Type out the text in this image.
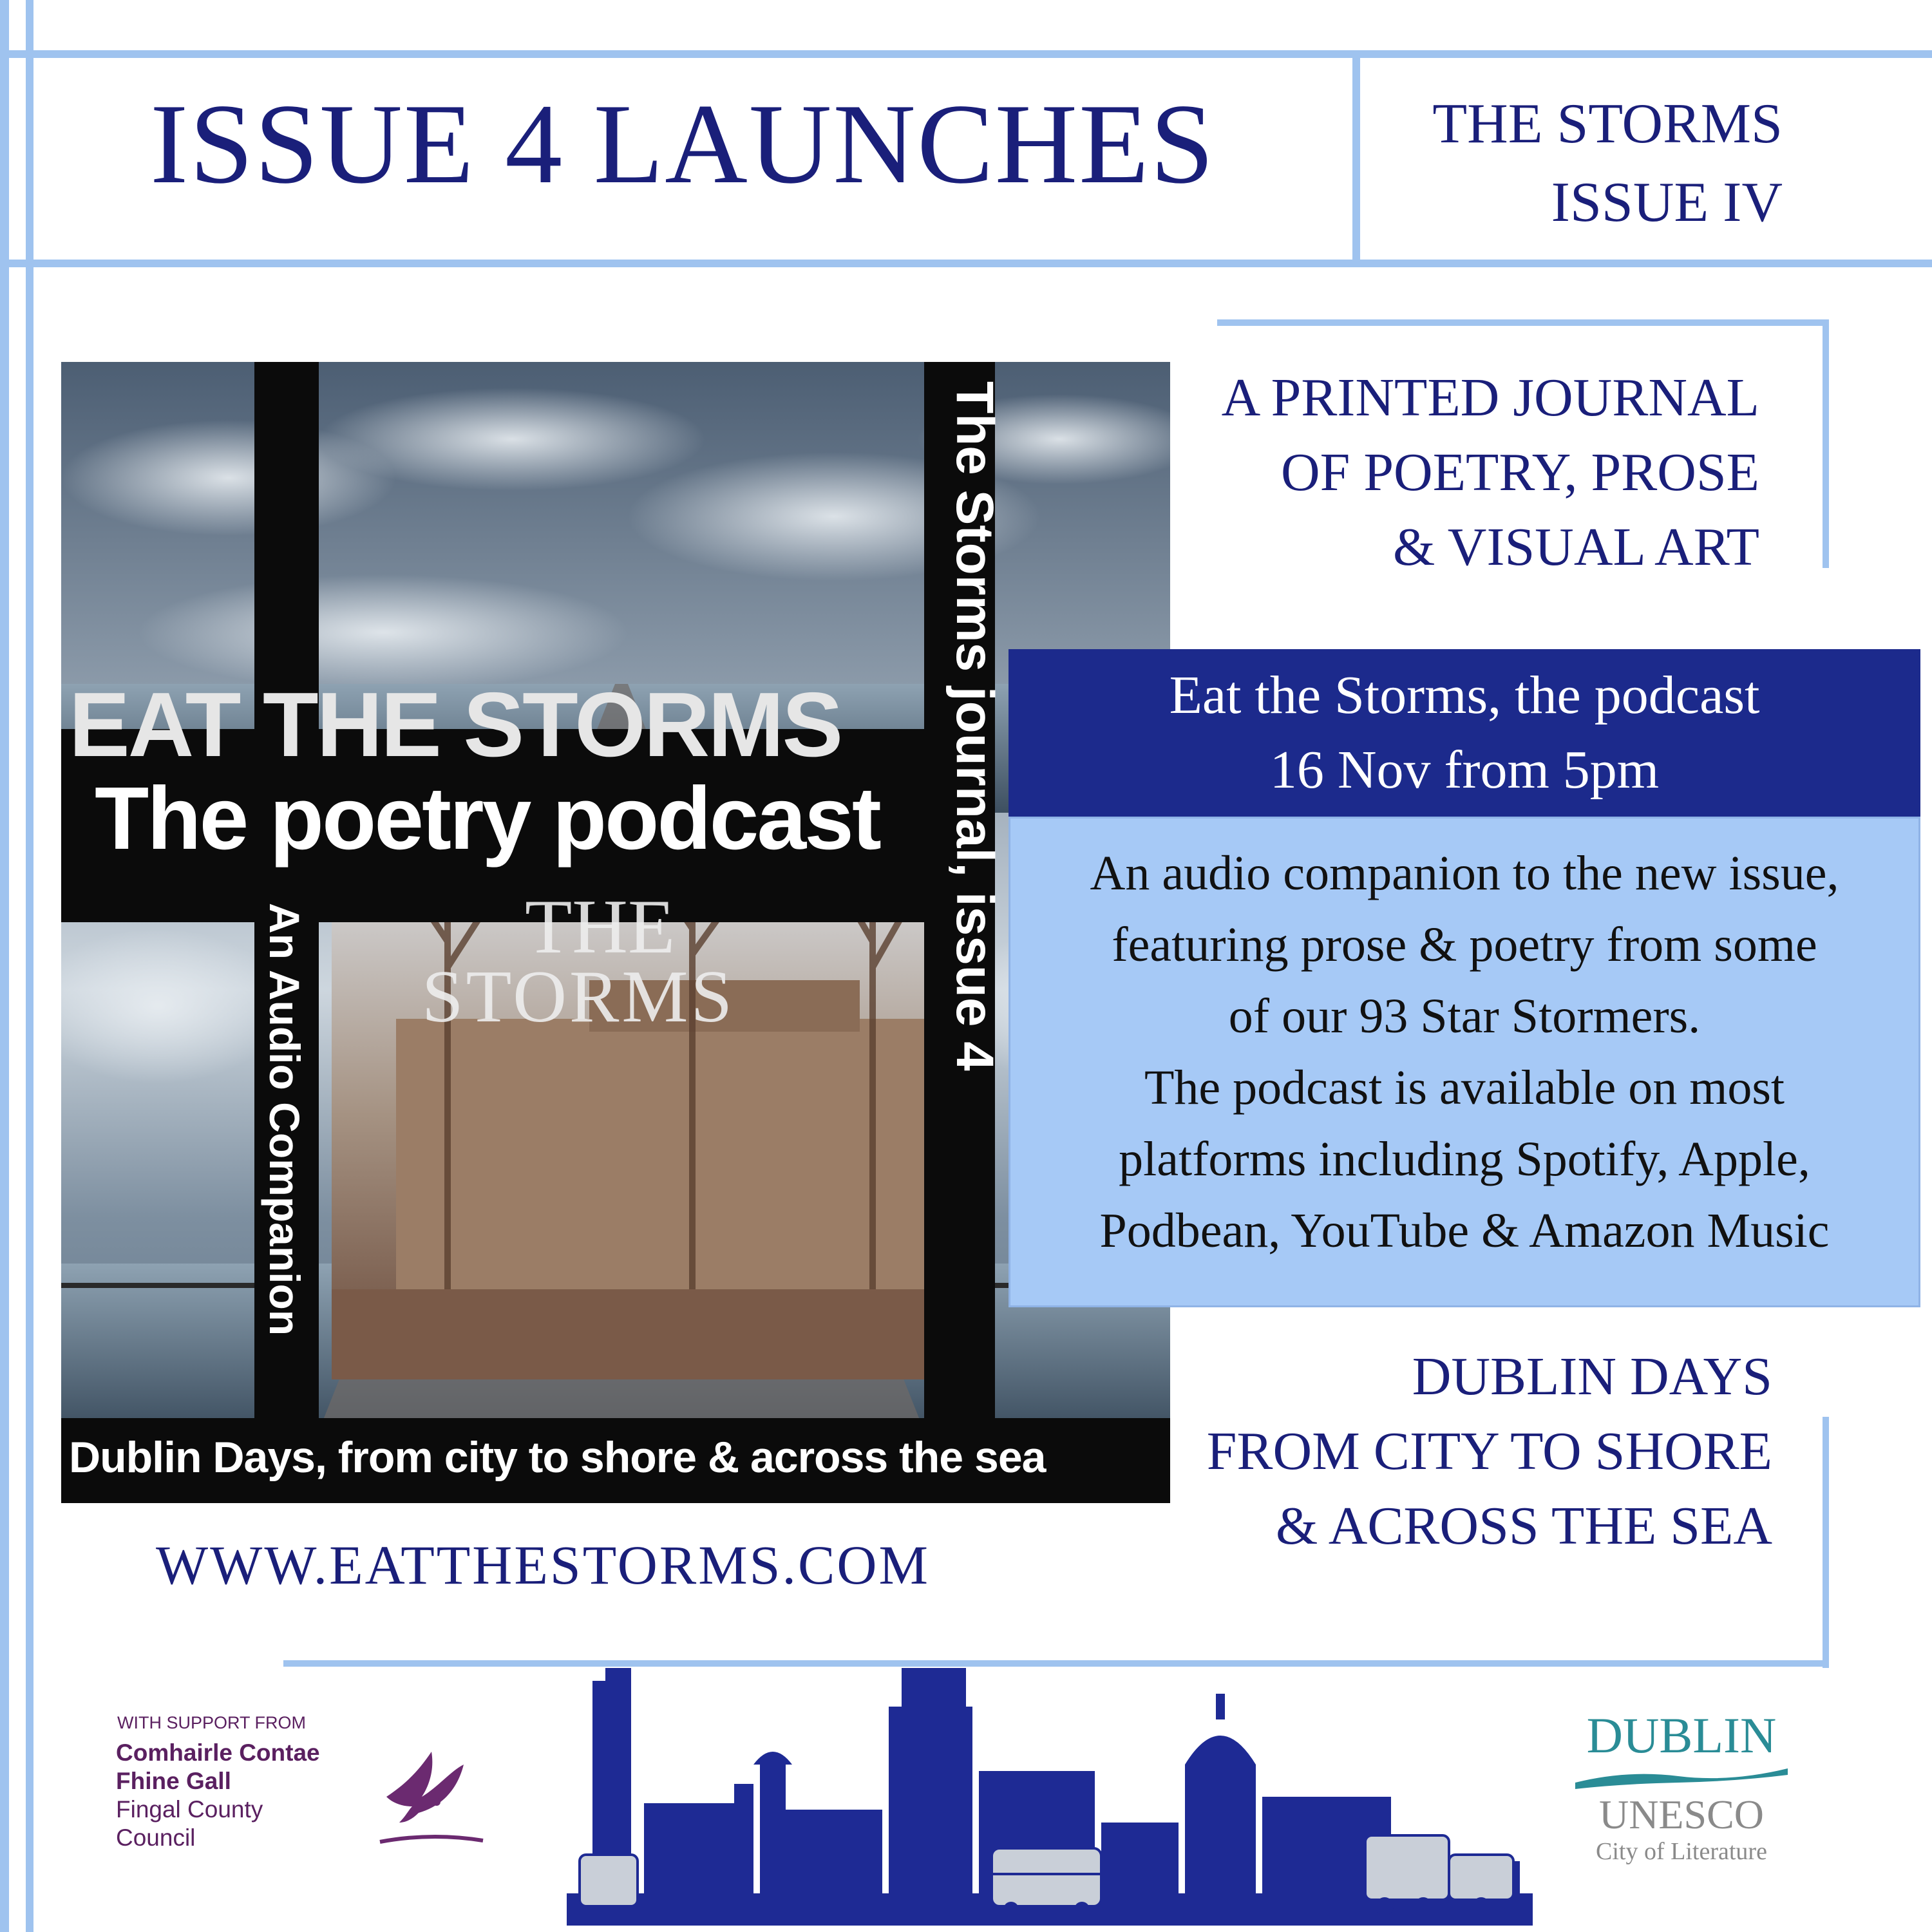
ISSUE 4 LAUNCHES	THE STORMS
ISSUE IV
A PRINTED JOURNAL
OF POETRY, PROSE
& VISUAL ART
EAT THE STORMS
The poetry podcast
THE
STORMS	The Storms journal, issue 4
An Audio Companion
Dublin Days, from city to shore & across the sea
Eat the Storms, the podcast
16 Nov from 5pm
An audio companion to the new issue,
featuring prose & poetry from some
of our 93 Star Stormers.
The podcast is available on most
platforms including Spotify, Apple,
Podbean, YouTube & Amazon Music
DUBLIN DAYS
FROM CITY TO SHORE
& ACROSS THE SEA
WWW.EATTHESTORMS.COM
WITH SUPPORT FROM
Comhairle Contae
Fhine Gall
Fingal County
Council
DUBLIN
UNESCO
City of Literature
